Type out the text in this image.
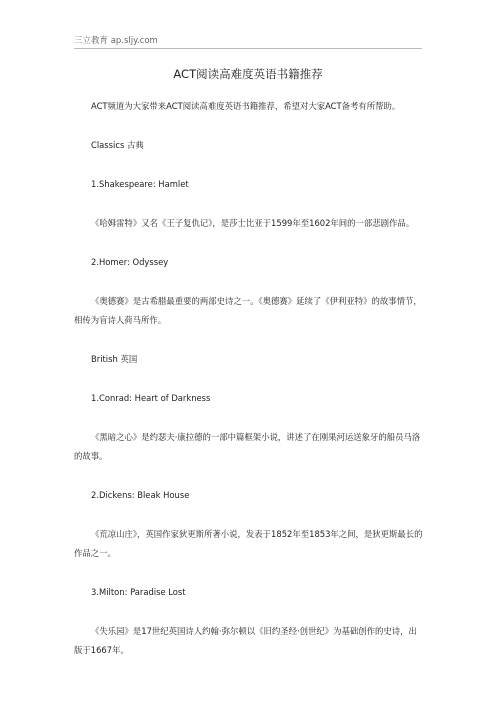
三立教育 ap.sljy.com
ACT阅读高难度英语书籍推荐

ACT频道为大家带来ACT阅读高难度英语书籍推荐，希望对大家ACT备考有所帮助。

Classics 古典

1.Shakespeare: Hamlet

《哈姆雷特》又名《王子复仇记》，是莎士比亚于1599年至1602年间的一部悲剧作品。

2.Homer: Odyssey

《奥德赛》是古希腊最重要的两部史诗之一。《奥德赛》延续了《伊利亚特》的故事情节，相传为盲诗人荷马所作。

British 英国

1.Conrad: Heart of Darkness

《黑暗之心》是约瑟夫·康拉德的一部中篇框架小说，讲述了在刚果河运送象牙的船员马洛的故事。

2.Dickens: Bleak House

《荒凉山庄》，英国作家狄更斯所著小说，发表于1852年至1853年之间，是狄更斯最长的作品之一。

3.Milton: Paradise Lost

《失乐园》是17世纪英国诗人约翰·弥尔顿以《旧约圣经·创世纪》为基础创作的史诗，出版于1667年。
